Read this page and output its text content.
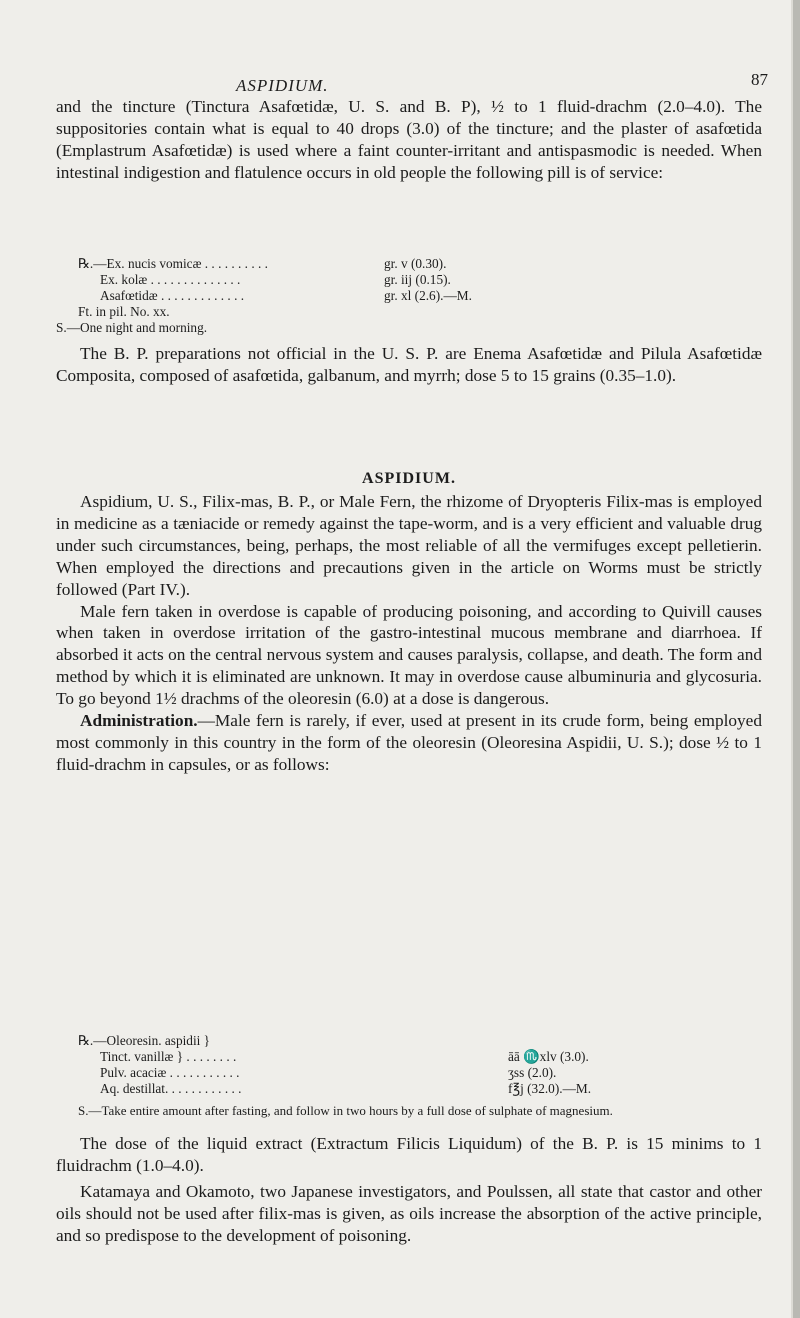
ASPIDIUM.	87

and the tincture (Tinctura Asafœtidæ, U. S. and B. P), ½ to 1 fluid-drachm (2.0–4.0). The suppositories contain what is equal to 40 drops (3.0) of the tincture; and the plaster of asafœtida (Emplastrum Asafœtidæ) is used where a faint counter-irritant and antispasmodic is needed. When intestinal indigestion and flatulence occurs in old people the following pill is of service:

℞.—Ex. nucis vomicæ . . . . . . . . . .	gr. v (0.30).
Ex. kolæ . . . . . . . . . . . . . .	gr. iij (0.15).
Asafœtidæ . . . . . . . . . . . . .	gr. xl (2.6).—M.
Ft. in pil. No. xx.
S.—One night and morning.

The B. P. preparations not official in the U. S. P. are Enema Asafœtidæ and Pilula Asafœtidæ Composita, composed of asafœtida, galbanum, and myrrh; dose 5 to 15 grains (0.35–1.0).

ASPIDIUM.

Aspidium, U. S., Filix-mas, B. P., or Male Fern, the rhizome of Dryopteris Filix-mas is employed in medicine as a tæniacide or remedy against the tape-worm, and is a very efficient and valuable drug under such circumstances, being, perhaps, the most reliable of all the vermifuges except pelletierin. When employed the directions and precautions given in the article on Worms must be strictly followed (Part IV.).

Male fern taken in overdose is capable of producing poisoning, and according to Quivill causes when taken in overdose irritation of the gastro-intestinal mucous membrane and diarrhoea. If absorbed it acts on the central nervous system and causes paralysis, collapse, and death. The form and method by which it is eliminated are unknown. It may in overdose cause albuminuria and glycosuria. To go beyond 1½ drachms of the oleoresin (6.0) at a dose is dangerous.

Administration.—Male fern is rarely, if ever, used at present in its crude form, being employed most commonly in this country in the form of the oleoresin (Oleoresina Aspidii, U. S.); dose ½ to 1 fluid-drachm in capsules, or as follows:

℞.—Oleoresin. aspidii }
Tinct. vanillæ } . . . . . . . .	āā ♏xlv (3.0).
Pulv. acaciæ . . . . . . . . . . .	ʒss (2.0).
Aq. destillat. . . . . . . . . . . .	f℥j (32.0).—M.

S.—Take entire amount after fasting, and follow in two hours by a full dose of sulphate of magnesium.

The dose of the liquid extract (Extractum Filicis Liquidum) of the B. P. is 15 minims to 1 fluidrachm (1.0–4.0).

Katamaya and Okamoto, two Japanese investigators, and Poulssen, all state that castor and other oils should not be used after filix-mas is given, as oils increase the absorption of the active principle, and so predispose to the development of poisoning.
